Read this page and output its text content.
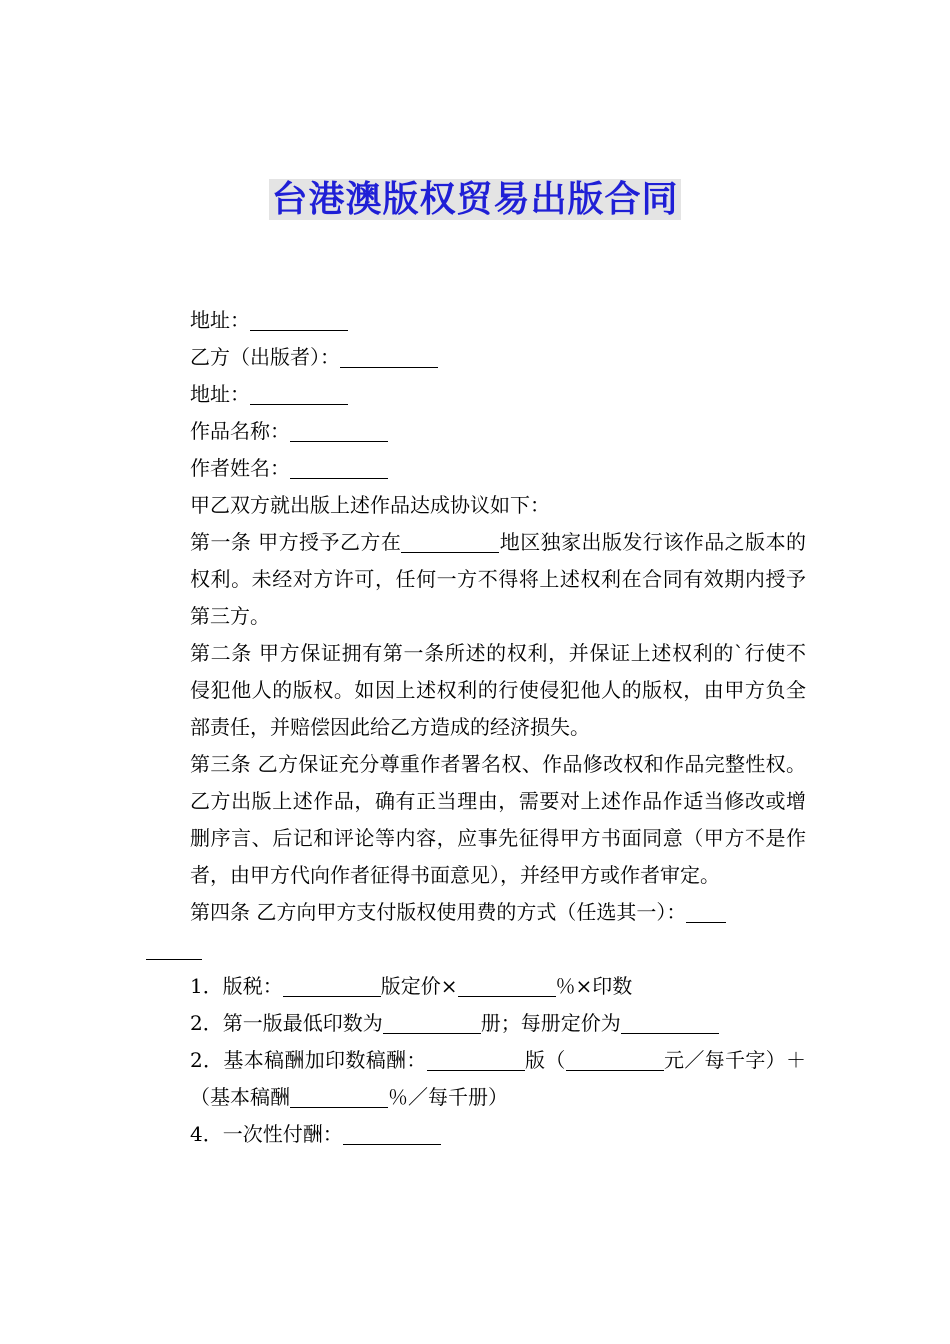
台港澳版权贸易出版合同

地址：

乙方（出版者）：

地址：

作品名称：

作者姓名：

甲乙双方就出版上述作品达成协议如下：

第一条 甲方授予乙方在	地区独家出版发行该作品之版本的权利。未经对方许可，任何一方不得将上述权利在合同有效期内授予第三方。

第二条 甲方保证拥有第一条所述的权利，并保证上述权利的`行使不侵犯他人的版权。如因上述权利的行使侵犯他人的版权，由甲方负全部责任，并赔偿因此给乙方造成的经济损失。

第三条 乙方保证充分尊重作者署名权、作品修改权和作品完整性权。乙方出版上述作品，确有正当理由，需要对上述作品作适当修改或增删序言、后记和评论等内容，应事先征得甲方书面同意（甲方不是作者，由甲方代向作者征得书面意见），并经甲方或作者审定。

第四条 乙方向甲方支付版权使用费的方式（任选其一）：

1．版税：	版定价×	％×印数

2．第一版最低印数为	册；每册定价为

2．基本稿酬加印数稿酬：	版（	元／每千字）＋（基本稿酬	％／每千册）

4．一次性付酬：
